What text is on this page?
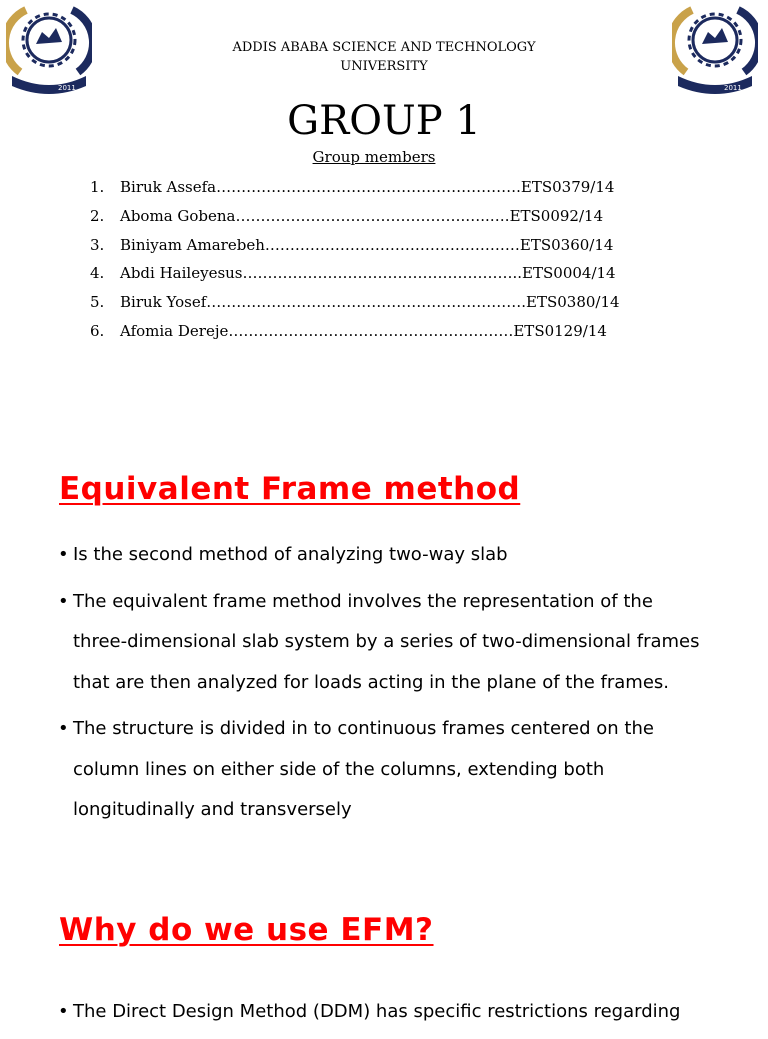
2011	2011
ADDIS ABABA SCIENCE AND TECHNOLOGY
UNIVERSITY
GROUP 1
Group members
1. Biruk Assefa…………………………………………………….ETS0379/14
2. Aboma Gobena……………………………………….…..….ETS0092/14
3. Biniyam Amarebeh……………………………………………ETS0360/14
4. Abdi Haileyesus………………………………………………..ETS0004/14
5. Biruk Yosef……………………………………………………….ETS0380/14
6. Afomia Dereje…………………………………………………ETS0129/14
Equivalent Frame method
• Is the second method of analyzing two-way slab
• The equivalent frame method involves the representation of the
three-dimensional slab system by a series of two-dimensional frames
that are then analyzed for loads acting in the plane of the frames.
• The structure is divided in to continuous frames centered on the
column lines on either side of the columns, extending both
longitudinally and transversely
Why do we use EFM?
• The Direct Design Method (DDM) has specific restrictions regarding
